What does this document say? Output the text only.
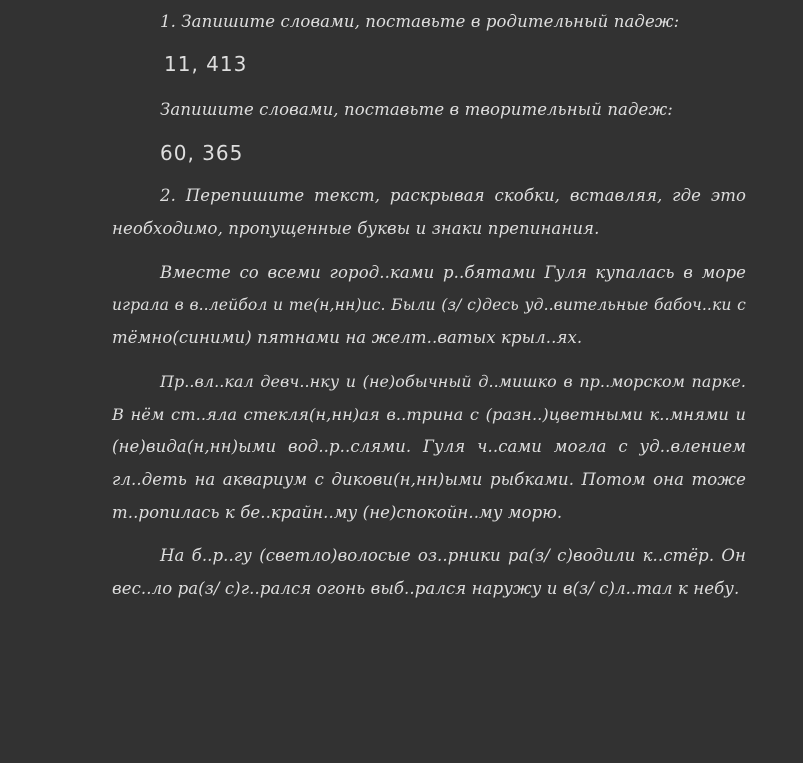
1. Запишите словами, поставьте в родительный падеж:
11, 413
Запишите словами, поставьте в творительный падеж:
60, 365
2. Перепишите текст, раскрывая скобки, вставляя, где это
необходимо, пропущенные буквы и знаки препинания.
Вместе со всеми город..ками р..бятами Гуля купалась в море
играла в в..лейбол и те(н,нн)ис. Были (з/ с)десь уд..вительные бабоч..ки с
тёмно(синими) пятнами на желт..ватых крыл..ях.
Пр..вл..кал девч..нку и (не)обычный д..мишко в пр..морском парке.
В нём ст..яла стекля(н,нн)ая в..трина с (разн..)цветными к..мнями и
(не)вида(н,нн)ыми вод..р..слями. Гуля ч..сами могла с уд..влением
гл..деть на аквариум с дикови(н,нн)ыми рыбками. Потом она тоже
т..ропилась к бе..крайн..му (не)спокойн..му морю.
На б..р..гу (светло)волосые оз..рники ра(з/ с)водили к..стёр. Он
вес..ло ра(з/ с)г..рался огонь выб..рался наружу и в(з/ с)л..тал к небу.
